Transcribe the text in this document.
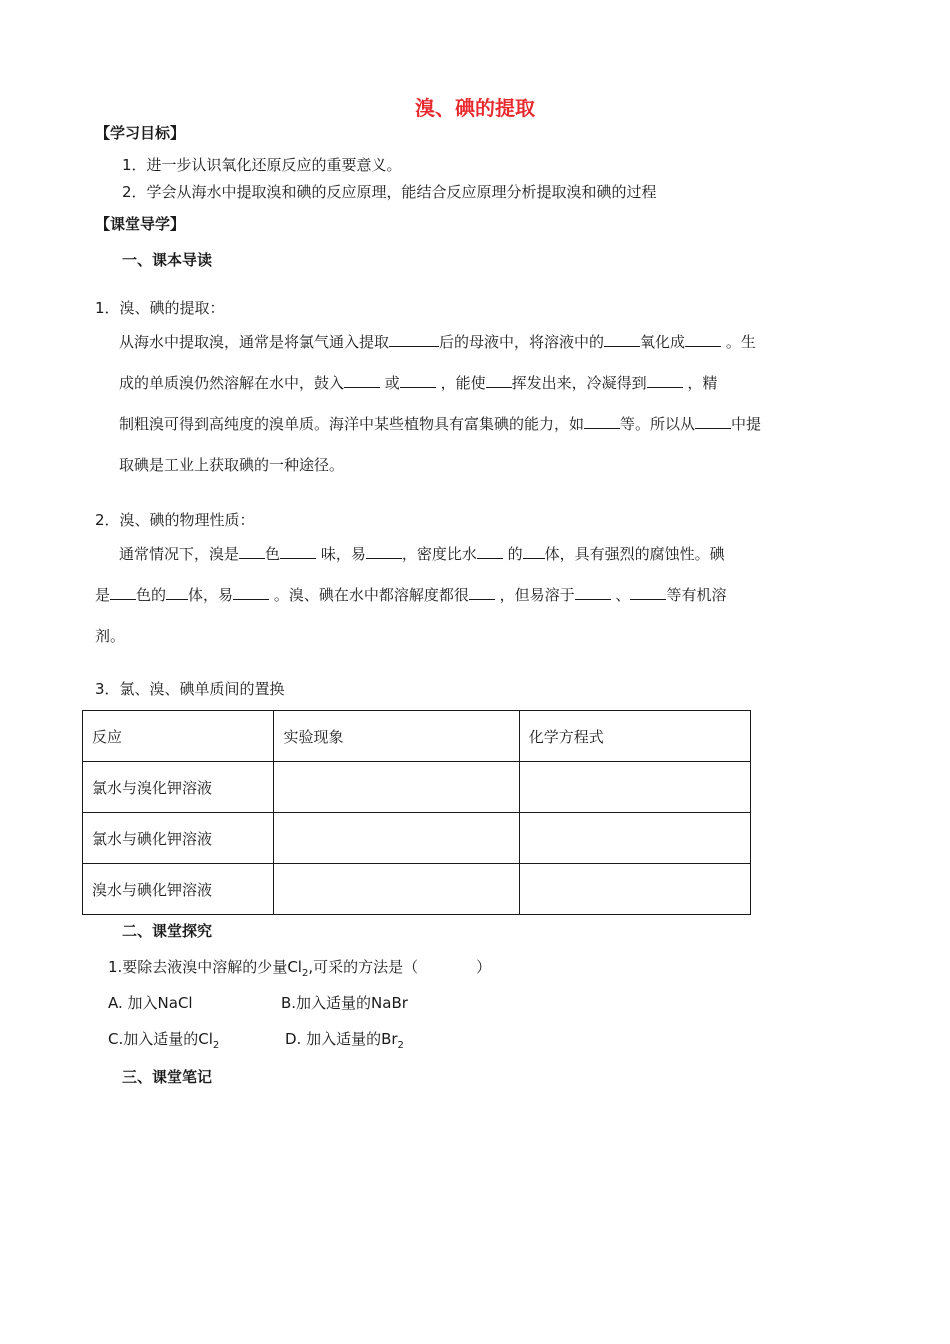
溴、碘的提取
【学习目标】
1．进一步认识氧化还原反应的重要意义。
2．学会从海水中提取溴和碘的反应原理，能结合反应原理分析提取溴和碘的过程
【课堂导学】
一、课本导读
1．溴、碘的提取：
从海水中提取溴，通常是将氯气通入提取	后的母液中，将溶液中的 氧化成	。生
成的单质溴仍然溶解在水中，鼓入	或	，能使 挥发出来，冷凝得到	，精
制粗溴可得到高纯度的溴单质。海洋中某些植物具有富集碘的能力，如 等。所以从 中提
取碘是工业上获取碘的一种途径。
2．溴、碘的物理性质：
通常情况下，溴是 色	味，易 ，密度比水 的 体，具有强烈的腐蚀性。碘
是 色的 体，易	。溴、碘在水中都溶解度都很 ，但易溶于	、 等有机溶
剂。
3．氯、溴、碘单质间的置换
反应	实验现象	化学方程式
氯水与溴化钾溶液		
氯水与碘化钾溶液		
溴水与碘化钾溶液		
二、课堂探究
1.要除去液溴中溶解的少量$Cl_2$,可采的方法是（	）
A. 加入NaCl	B.加入适量的NaBr
C.加入适量的$Cl_2$	D. 加入适量的$Br_2$
三、课堂笔记
